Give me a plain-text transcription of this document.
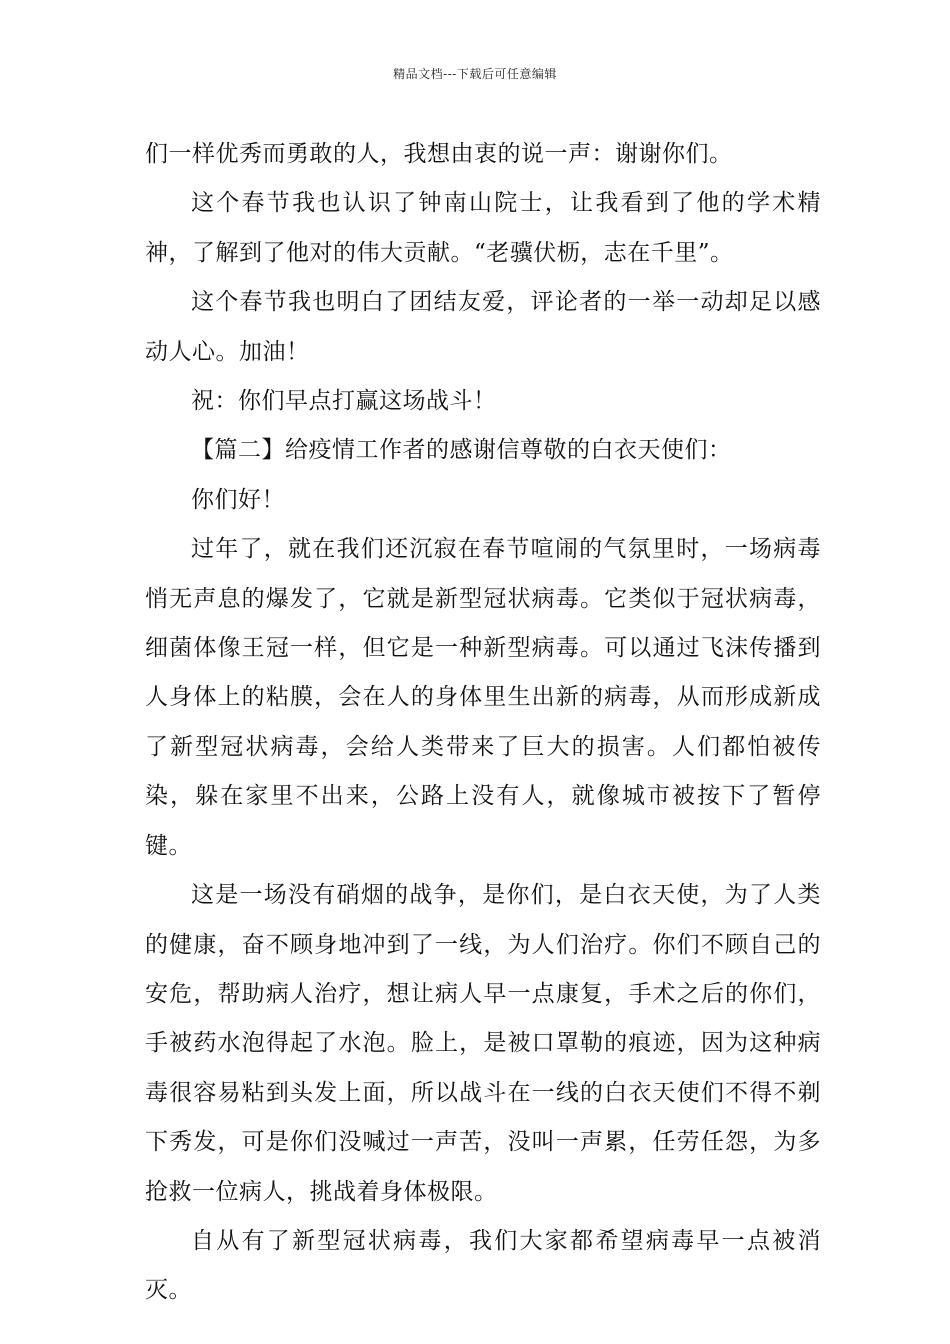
精品文档---下载后可任意编辑

们一样优秀而勇敢的人，我想由衷的说一声：谢谢你们。

这个春节我也认识了钟南山院士，让我看到了他的学术精神，了解到了他对的伟大贡献。“老骥伏枥，志在千里”。

这个春节我也明白了团结友爱，评论者的一举一动却足以感动人心。加油！

祝：你们早点打赢这场战斗！

【篇二】给疫情工作者的感谢信尊敬的白衣天使们：

你们好！

过年了，就在我们还沉寂在春节喧闹的气氛里时，一场病毒悄无声息的爆发了，它就是新型冠状病毒。它类似于冠状病毒，细菌体像王冠一样，但它是一种新型病毒。可以通过飞沫传播到人身体上的粘膜，会在人的身体里生出新的病毒，从而形成新成了新型冠状病毒，会给人类带来了巨大的损害。人们都怕被传染，躲在家里不出来，公路上没有人，就像城市被按下了暂停键。

这是一场没有硝烟的战争，是你们，是白衣天使，为了人类的健康，奋不顾身地冲到了一线，为人们治疗。你们不顾自己的安危，帮助病人治疗，想让病人早一点康复，手术之后的你们，手被药水泡得起了水泡。脸上，是被口罩勒的痕迹，因为这种病毒很容易粘到头发上面，所以战斗在一线的白衣天使们不得不剃下秀发，可是你们没喊过一声苦，没叫一声累，任劳任怨，为多抢救一位病人，挑战着身体极限。

自从有了新型冠状病毒，我们大家都希望病毒早一点被消灭。
